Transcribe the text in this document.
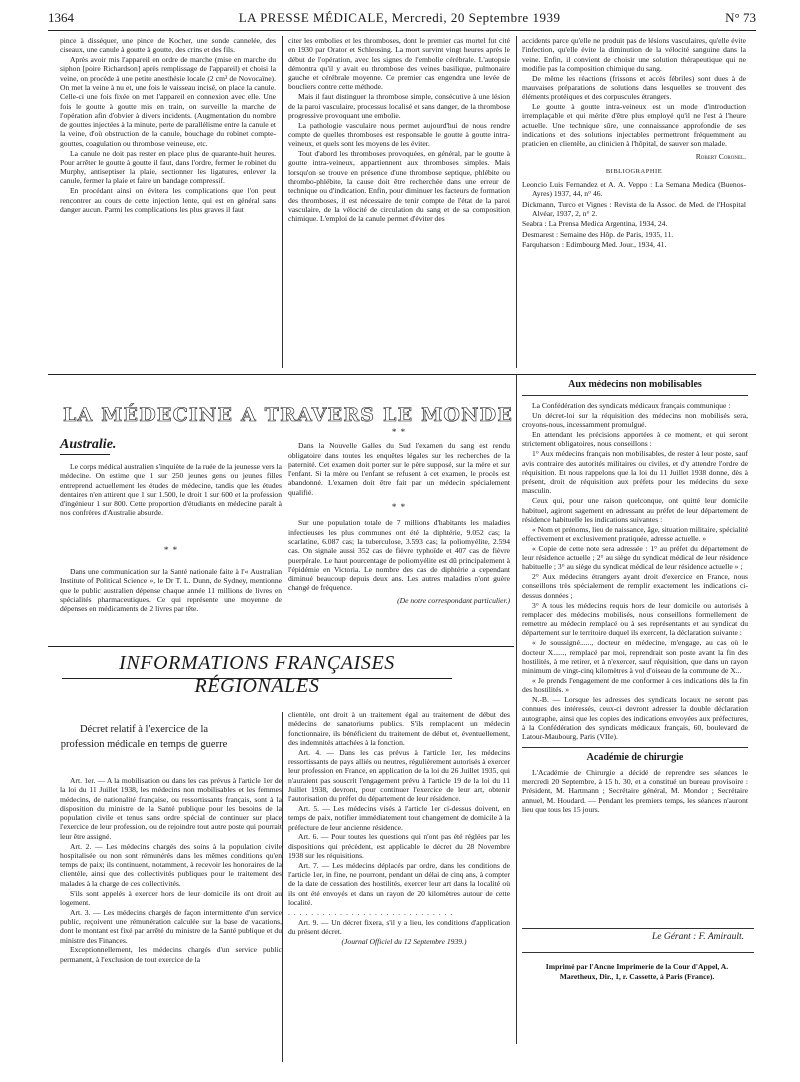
1364	LA PRESSE MÉDICALE, Mercredi, 20 Septembre 1939	N° 73

pince à disséquer, une pince de Kocher, une sonde cannelée, des ciseaux, une canule à goutte à goutte, des crins et des fils.

Après avoir mis l'appareil en ordre de marche (mise en marche du siphon [poire Richardson] après remplissage de l'appareil) et choisi la veine, on procède à une petite anesthésie locale (2 cm³ de Novocaïne). On met la veine à nu et, une fois le vaisseau incisé, on place la canule. Celle-ci une fois fixée on met l'appareil en connexion avec elle. Une fois le goutte à goutte mis en train, on surveille la marche de l'opération afin d'obvier à divers incidents. (Augmentation du nombre de gouttes injectées à la minute, perte de parallélisme entre la canule et la veine, d'où obstruction de la canule, bouchage du robinet compte-gouttes, coagulation ou thrombose veineuse, etc.

La canule ne doit pas rester en place plus de quarante-huit heures. Pour arrêter le goutte à goutte il faut, dans l'ordre, fermer le robinet du Murphy, antiseptiser la plaie, sectionner les ligatures, enlever la canule, fermer la plaie et faire un bandage compressif.

En procédant ainsi on évitera les complications que l'on peut rencontrer au cours de cette injection lente, qui est en général sans danger aucun. Parmi les complications les plus graves il faut

citer les embolies et les thromboses, dont le premier cas mortel fut cité en 1930 par Orator et Schleusing. La mort survint vingt heures après le début de l'opération, avec les signes de l'embolie cérébrale. L'autopsie démontra qu'il y avait eu thrombose des veines basilique, pulmonaire gauche et cérébrale moyenne. Ce premier cas engendra une levée de boucliers contre cette méthode.

Mais il faut distinguer la thrombose simple, consécutive à une lésion de la paroi vasculaire, processus localisé et sans danger, de la thrombose progressive provoquant une embolie.

La pathologie vasculaire nous permet aujourd'hui de nous rendre compte de quelles thromboses est responsable le goutte à goutte intra-veineux, et quels sont les moyens de les éviter.

Tout d'abord les thromboses provoquées, en général, par le goutte à goutte intra-veineux, appartiennent aux thromboses simples. Mais lorsqu'on se trouve en présence d'une thrombose septique, phlébite ou thrombo-phlébite, la cause doit être recherchée dans une erreur de technique ou d'indication. Enfin, pour diminuer les facteurs de formation des thromboses, il est nécessaire de tenir compte de l'état de la paroi vasculaire, de la vélocité de circulation du sang et de sa composition chimique. L'emploi de la canule permet d'éviter des

accidents parce qu'elle ne produit pas de lésions vasculaires, qu'elle évite l'infection, qu'elle évite la diminution de la vélocité sanguine dans la veine. Enfin, il convient de choisir une solution thérapeutique qui ne modifie pas la composition chimique du sang.

De même les réactions (frissons et accès fébriles) sont dues à de mauvaises préparations de solutions dans lesquelles se trouvent des éléments protéiques et des corpuscules étrangers.

Le goutte à goutte intra-veineux est un mode d'introduction irremplaçable et qui mérite d'être plus employé qu'il ne l'est à l'heure actuelle. Une technique sûre, une connaissance approfondie de ses indications et des solutions injectables permettront fréquemment au praticien en clientèle, au clinicien à l'hôpital, de sauver son malade.

Robert Coronel.

BIBLIOGRAPHIE

Leoncio Luis Fernandez et A. A. Veppo : La Semana Medica (Buenos-Ayres) 1937, 44, n° 46.

Dickmann, Turco et Vignes : Revista de la Assoc. de Med. de l'Hospital Alvéar, 1937, 2, n° 2.

Seabra : La Prensa Medica Argentina, 1934, 24.

Desmarest : Semaine des Hôp. de Paris, 1935, 11.

Farquharson : Edimbourg Med. Jour., 1934, 41.

LA MÉDECINE A TRAVERS LE MONDE
Australie.

Le corps médical australien s'inquiète de la ruée de la jeunesse vers la médecine. On estime que 1 sur 250 jeunes gens ou jeunes filles entreprend actuellement les études de médecine, tandis que les études dentaires n'en attirent que 1 sur 1.500, le droit 1 sur 600 et la profession d'ingénieur 1 sur 800. Cette proportion d'étudiants en médecine paraît à nos confrères d'Australie absurde.

* *

Dans une communication sur la Santé nationale faite à l'« Australian Institute of Political Science », le Dr T. L. Dunn, de Sydney, mentionne que le public australien dépense chaque année 11 millions de livres en spécialités pharmaceutiques. Ce qui représente une moyenne de dépenses en médicaments de 2 livres par tête.

* *

Dans la Nouvelle Galles du Sud l'examen du sang est rendu obligatoire dans toutes les enquêtes légales sur les recherches de la paternité. Cet examen doit porter sur le père supposé, sur la mère et sur l'enfant. Si la mère ou l'enfant se refusent à cet examen, le procès est abandonné. L'examen doit être fait par un médecin spécialement qualifié.

* *

Sur une population totale de 7 millions d'habitants les maladies infectieuses les plus communes ont été la diphtérie, 9.052 cas; la scarlatine, 6.087 cas; la tuberculose, 3.593 cas; la poliomyélite, 2.594 cas. On signale aussi 352 cas de fièvre typhoïde et 407 cas de fièvre puerpérale. Le haut pourcentage de poliomyélite est dû principalement à l'épidémie en Victoria. Le nombre des cas de diphtérie a cependant diminué beaucoup depuis deux ans. Les autres maladies n'ont guère changé de fréquence.

(De notre correspondant particulier.)

INFORMATIONS FRANÇAISES RÉGIONALES
Décret relatif à l'exercice de la profession médicale en temps de guerre

Art. 1er. — A la mobilisation ou dans les cas prévus à l'article 1er de la loi du 11 Juillet 1938, les médecins non mobilisables et les femmes médecins, de nationalité française, ou ressortissants français, sont à la disposition du ministre de la Santé publique pour les besoins de la population civile et tenus sans ordre spécial de continuer sur place l'exercice de leur profession, ou de rejoindre tout autre poste qui pourrait leur être assigné.

Art. 2. — Les médecins chargés des soins à la population civile hospitalisée ou non sont rémunérés dans les mêmes conditions qu'en temps de paix; ils continuent, notamment, à recevoir les honoraires de la clientèle, ainsi que des collectivités publiques pour le traitement des malades à la charge de ces collectivités.

S'ils sont appelés à exercer hors de leur domicile ils ont droit au logement.

Art. 3. — Les médecins chargés de façon intermittente d'un service public, reçoivent une rémunération calculée sur la base de vacations, dont le montant est fixé par arrêté du ministre de la Santé publique et du ministre des Finances.

Exceptionnellement, les médecins chargés d'un service public permanent, à l'exclusion de tout exercice de la

clientèle, ont droit à un traitement égal au traitement de début des médecins de sanatoriums publics. S'ils remplacent un médecin fonctionnaire, ils bénéficient du traitement de début et, éventuellement, des indemnités attachées à la fonction.

Art. 4. — Dans les cas prévus à l'article 1er, les médecins ressortissants de pays alliés ou neutres, régulièrement autorisés à exercer leur profession en France, en application de la loi du 26 Juillet 1935, qui n'auraient pas souscrit l'engagement prévu à l'article 19 de la loi du 11 Juillet 1938, devront, pour continuer l'exercice de leur art, obtenir l'autorisation du préfet du département de leur résidence.

Art. 5. — Les médecins visés à l'article 1er ci-dessus doivent, en temps de paix, notifier immédiatement tout changement de domicile à la préfecture de leur ancienne résidence.

Art. 6. — Pour toutes les questions qui n'ont pas été réglées par les dispositions qui précèdent, est applicable le décret du 28 Novembre 1938 sur les réquisitions.

Art. 7. — Les médecins déplacés par ordre, dans les conditions de l'article 1er, in fine, ne pourront, pendant un délai de cinq ans, à compter de la date de cessation des hostilités, exercer leur art dans la localité où ils ont été envoyés et dans un rayon de 20 kilomètres autour de cette localité.

. . . . . . . . . . . . . . . . . . . . . . . . . . . . .

Art. 9. — Un décret fixera, s'il y a lieu, les conditions d'application du présent décret.

(Journal Officiel du 12 Septembre 1939.)

Aux médecins non mobilisables

La Confédération des syndicats médicaux français communique :

Un décret-loi sur la réquisition des médecins non mobilisés sera, croyons-nous, incessamment promulgué.

En attendant les précisions apportées à ce moment, et qui seront strictement obligatoires, nous conseillons :

1° Aux médecins français non mobilisables, de rester à leur poste, sauf avis contraire des autorités militaires ou civiles, et d'y attendre l'ordre de réquisition. Et nous rappelons que la loi du 11 Juillet 1938 donne, dès à présent, droit de réquisition aux préfets pour les médecins du sexe masculin.

Ceux qui, pour une raison quelconque, ont quitté leur domicile habituel, agiront sagement en adressant au préfet de leur département de résidence habituelle les indications suivantes :

« Nom et prénoms, lieu de naissance, âge, situation militaire, spécialité effectivement et exclusivement pratiquée, adresse actuelle. »

« Copie de cette note sera adressée : 1° au préfet du département de leur résidence actuelle ; 2° au siège du syndicat médical de leur résidence habituelle ; 3° au siège du syndicat médical de leur résidence actuelle » ;

2° Aux médecins étrangers ayant droit d'exercice en France, nous conseillons très spécialement de remplir exactement les indications ci-dessus données ;

3° A tous les médecins requis hors de leur domicile ou autorisés à remplacer des médecins mobilisés, nous conseillons formellement de remettre au médecin remplacé ou à ses représentants et au syndicat du département sur le territoire duquel ils exercent, la déclaration suivante :

« Je soussigné......, docteur en médecine, m'engage, au cas où le docteur X......, remplacé par moi, reprendrait son poste avant la fin des hostilités, à me retirer, et à n'exercer, sauf réquisition, que dans un rayon minimum de vingt-cinq kilomètres à vol d'oiseau de la commune de X...

« Je prends l'engagement de me conformer à ces indications dès la fin des hostilités. »

N.-B. — Lorsque les adresses des syndicats locaux ne seront pas connues des intéressés, ceux-ci devront adresser la double déclaration autographe, ainsi que les copies des indications envoyées aux préfectures, à la Confédération des syndicats médicaux français, 60, boulevard de Latour-Maubourg, Paris (VIIe).

Académie de chirurgie

L'Académie de Chirurgie a décidé de reprendre ses séances le mercredi 20 Septembre, à 15 h. 30, et a constitué un bureau provisoire : Président, M. Hartmann ; Secrétaire général, M. Mondor ; Secrétaire annuel, M. Houdard. — Pendant les premiers temps, les séances n'auront lieu que tous les 15 jours.

Le Gérant : F. Amirault.
Imprimé par l'Ancne Imprimerie de la Cour d'Appel, A. Maretheux, Dir., 1, r. Cassette, à Paris (France).
